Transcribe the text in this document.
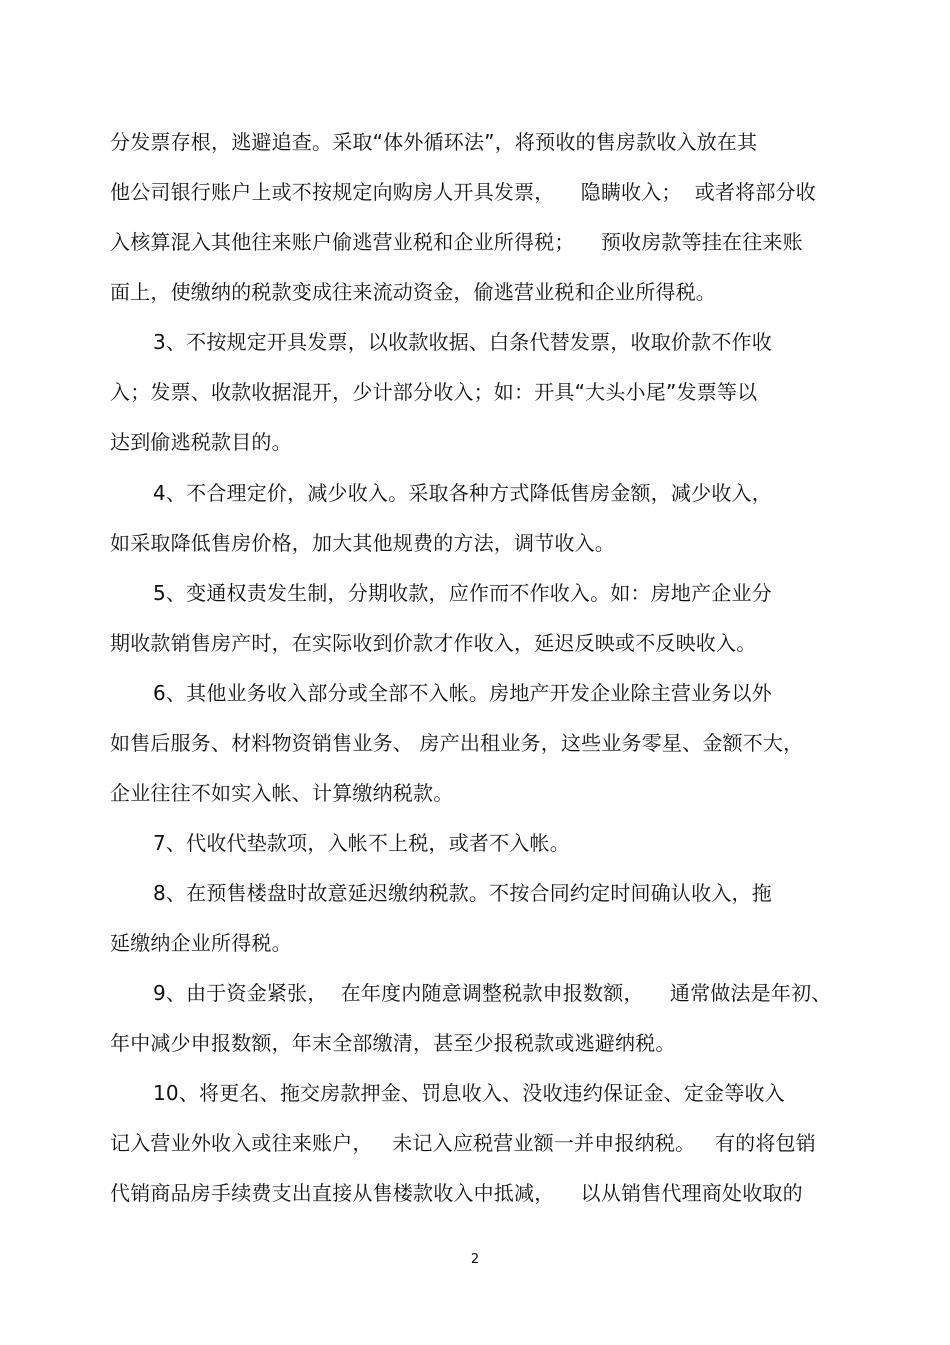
分发票存根，逃避追查。采取“体外循环法”，将预收的售房款收入放在其
他公司银行账户上或不按规定向购房人开具发票，    隐瞒收入；  或者将部分收
入核算混入其他往来账户偷逃营业税和企业所得税；    预收房款等挂在往来账
面上，使缴纳的税款变成往来流动资金，偷逃营业税和企业所得税。
3、不按规定开具发票，以收款收据、白条代替发票，收取价款不作收
入；发票、收款收据混开，少计部分收入；如：开具“大头小尾”发票等以
达到偷逃税款目的。
4、不合理定价，减少收入。采取各种方式降低售房金额，减少收入，
如采取降低售房价格，加大其他规费的方法，调节收入。
5、变通权责发生制，分期收款，应作而不作收入。如：房地产企业分
期收款销售房产时，在实际收到价款才作收入，延迟反映或不反映收入。
6、其他业务收入部分或全部不入帐。房地产开发企业除主营业务以外
如售后服务、材料物资销售业务、 房产出租业务，这些业务零星、金额不大，
企业往往不如实入帐、计算缴纳税款。
7、代收代垫款项，入帐不上税，或者不入帐。
8、在预售楼盘时故意延迟缴纳税款。不按合同约定时间确认收入，拖
延缴纳企业所得税。
9、由于资金紧张，  在年度内随意调整税款申报数额，    通常做法是年初、
年中减少申报数额，年末全部缴清，甚至少报税款或逃避纳税。
10、将更名、拖交房款押金、罚息收入、没收违约保证金、定金等收入
记入营业外收入或往来账户，   未记入应税营业额一并申报纳税。   有的将包销
代销商品房手续费支出直接从售楼款收入中抵减，    以从销售代理商处收取的
2
